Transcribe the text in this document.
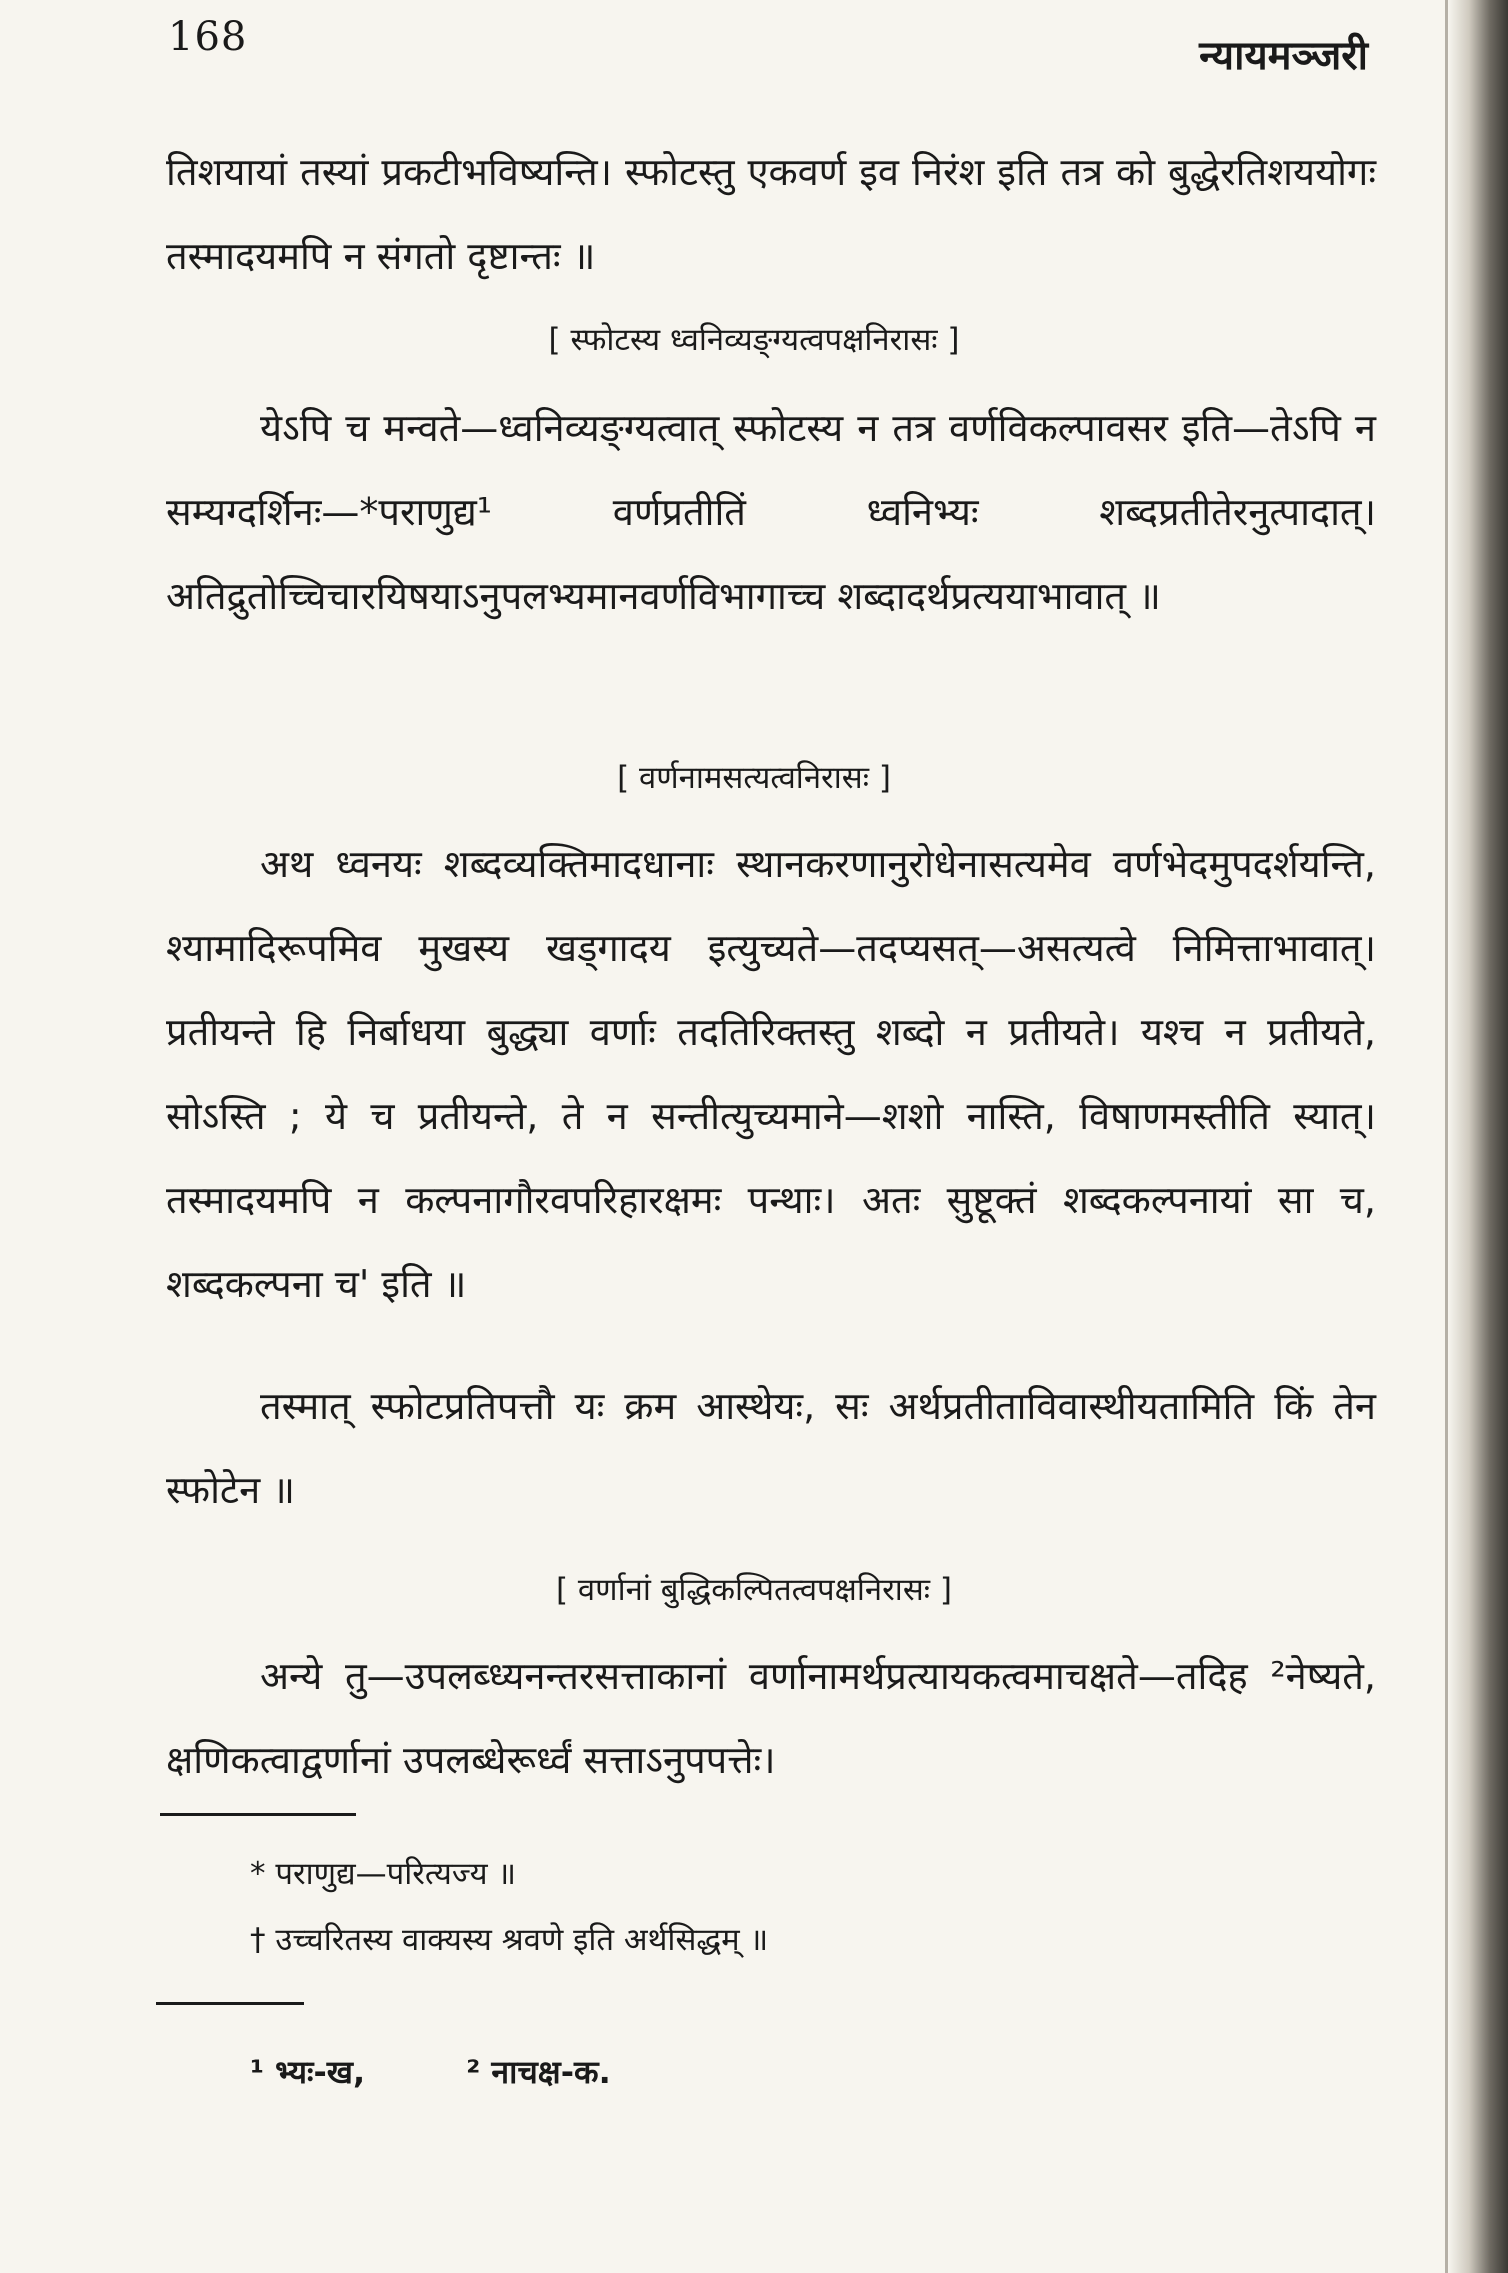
168	न्यायमञ्जरी
तिशयायां तस्यां प्रकटीभविष्यन्ति। स्फोटस्तु एकवर्ण इव निरंश इति तत्र को बुद्धेरतिशययोगः तस्मादयमपि न संगतो दृष्टान्तः ॥
[ स्फोटस्य ध्वनिव्यङ्ग्यत्वपक्षनिरासः ]
येऽपि च मन्वते—ध्वनिव्यङ्ग्यत्वात् स्फोटस्य न तत्र वर्णविकल्पावसर इति—तेऽपि न सम्यग्दर्शिनः—*पराणुद्य¹ वर्णप्रतीतिं ध्वनिभ्यः शब्दप्रतीतेरनुत्पादात्। अतिद्रुतोच्चिचारयिषयाऽनुपलभ्यमानवर्णविभागाच्च शब्दादर्थप्रत्ययाभावात् ॥
[ वर्णनामसत्यत्वनिरासः ]
अथ ध्वनयः शब्दव्यक्तिमादधानाः स्थानकरणानुरोधेनासत्यमेव वर्णभेदमुपदर्शयन्ति, श्यामादिरूपमिव मुखस्य खड्गादय इत्युच्यते—तदप्यसत्—असत्यत्वे निमित्ताभावात्। प्रतीयन्ते हि निर्बाधया बुद्ध्या वर्णाः तदतिरिक्तस्तु शब्दो न प्रतीयते। यश्च न प्रतीयते, सोऽस्ति ; ये च प्रतीयन्ते, ते न सन्तीत्युच्यमाने—शशो नास्ति, विषाणमस्तीति स्यात्। तस्मादयमपि न कल्पनागौरवपरिहारक्षमः पन्थाः। अतः सुष्टूक्तं शब्दकल्पनायां सा च, शब्दकल्पना च' इति ॥
तस्मात् स्फोटप्रतिपत्तौ यः क्रम आस्थेयः, सः अर्थप्रतीताविवास्थीयतामिति किं तेन स्फोटेन ॥
[ वर्णानां बुद्धिकल्पितत्वपक्षनिरासः ]
अन्ये तु—उपलब्ध्यनन्तरसत्ताकानां वर्णानामर्थप्रत्यायकत्वमाचक्षते—तदिह ²नेष्यते, क्षणिकत्वाद्वर्णानां उपलब्धेरूर्ध्वं सत्ताऽनुपपत्तेः।
* पराणुद्य—परित्यज्य ॥
† उच्चरितस्य वाक्यस्य श्रवणे इति अर्थसिद्धम् ॥
¹ भ्यः-ख,	² नाचक्ष-क.
